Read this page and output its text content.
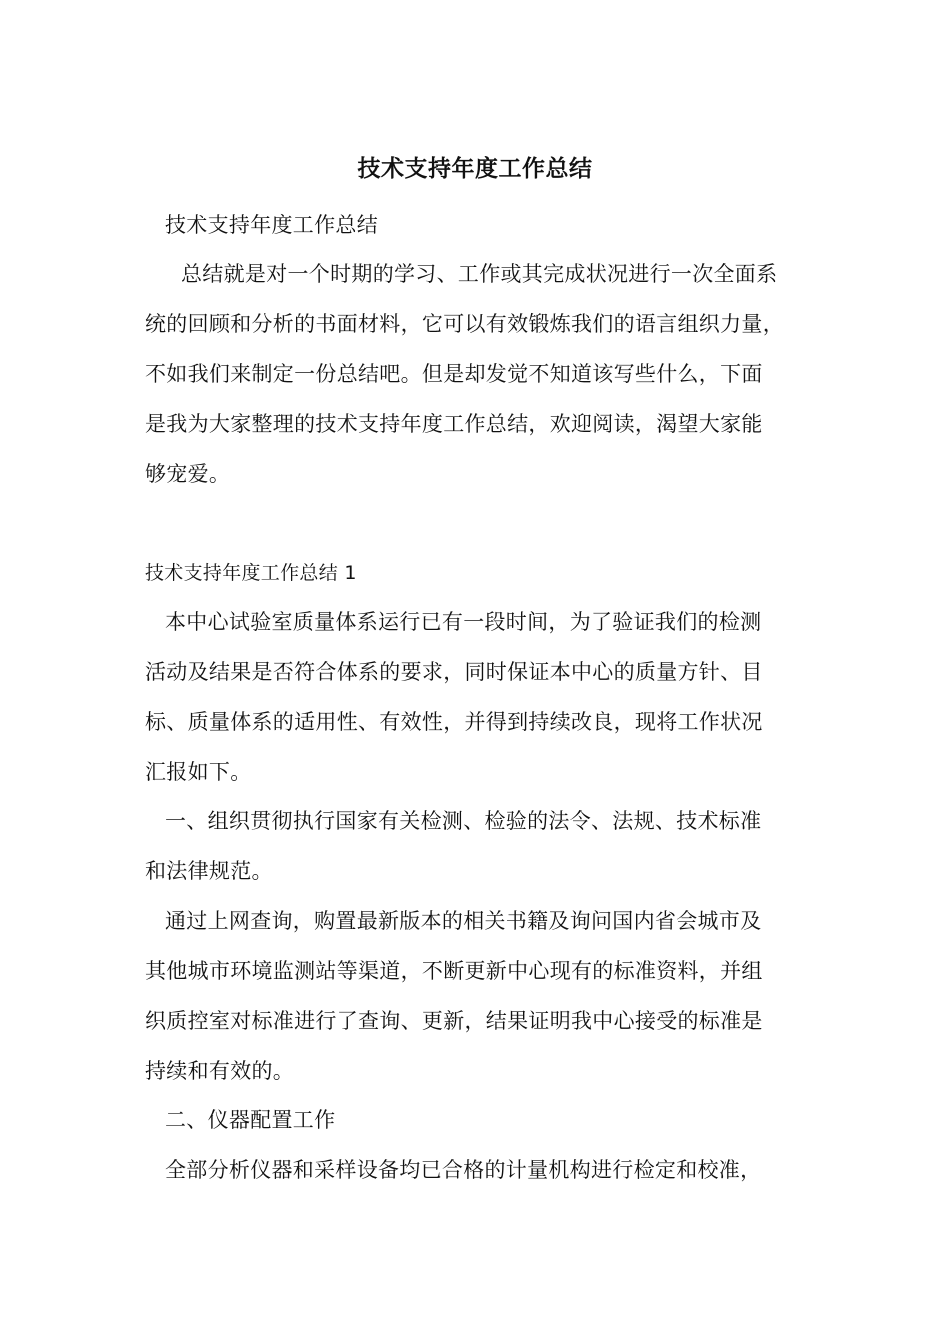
技术支持年度工作总结
技术支持年度工作总结
总结就是对一个时期的学习、工作或其完成状况进行一次全面系
统的回顾和分析的书面材料，它可以有效锻炼我们的语言组织力量，
不如我们来制定一份总结吧。但是却发觉不知道该写些什么，下面
是我为大家整理的技术支持年度工作总结，欢迎阅读，渴望大家能
够宠爱。
技术支持年度工作总结 1
本中心试验室质量体系运行已有一段时间，为了验证我们的检测
活动及结果是否符合体系的要求，同时保证本中心的质量方针、目
标、质量体系的适用性、有效性，并得到持续改良，现将工作状况
汇报如下。
一、组织贯彻执行国家有关检测、检验的法令、法规、技术标准
和法律规范。
通过上网查询，购置最新版本的相关书籍及询问国内省会城市及
其他城市环境监测站等渠道，不断更新中心现有的标准资料，并组
织质控室对标准进行了查询、更新，结果证明我中心接受的标准是
持续和有效的。
二、仪器配置工作
全部分析仪器和采样设备均已合格的计量机构进行检定和校准，
